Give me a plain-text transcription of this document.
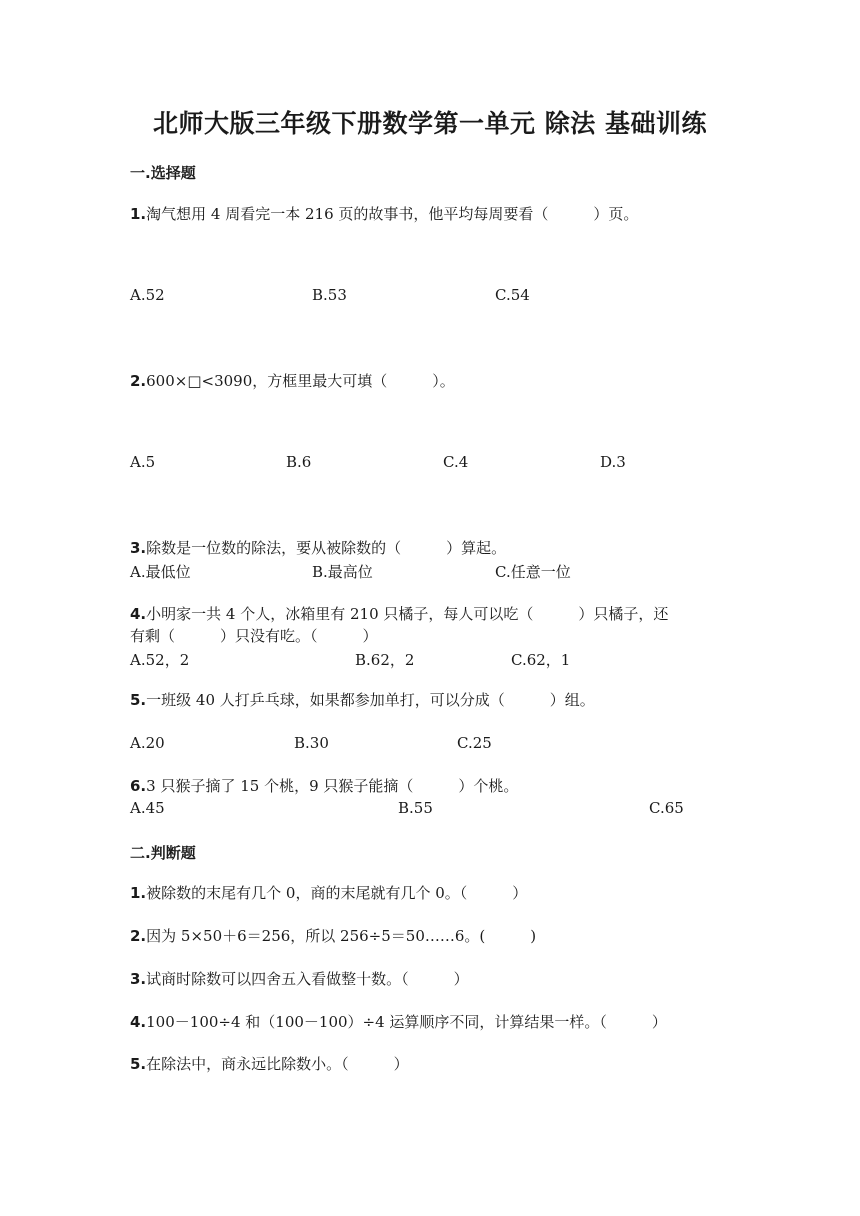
北师大版三年级下册数学第一单元 除法 基础训练
一.选择题
1.淘气想用 4 周看完一本 216 页的故事书，他平均每周要看（　　　）页。
A.52	B.53	C.54
2.600×□<3090，方框里最大可填（　　　）。
A.5	B.6	C.4	D.3
3.除数是一位数的除法，要从被除数的（　　　）算起。
A.最低位	B.最高位	C.任意一位
4.小明家一共 4 个人，冰箱里有 210 只橘子，每人可以吃（　　　）只橘子，还
有剩（　　　）只没有吃。（　　　）
A.52，2	B.62，2	C.62，1
5.一班级 40 人打乒乓球，如果都参加单打，可以分成（　　　）组。
A.20	B.30	C.25
6.3 只猴子摘了 15 个桃，9 只猴子能摘（　　　）个桃。
A.45	B.55	C.65
二.判断题
1.被除数的末尾有几个 0，商的末尾就有几个 0。（　　　）
2.因为 5×50＋6＝256，所以 256÷5＝50……6。(　　　)
3.试商时除数可以四舍五入看做整十数。（　　　）
4.100－100÷4 和（100－100）÷4 运算顺序不同，计算结果一样。（　　　）
5.在除法中，商永远比除数小。（　　　）
